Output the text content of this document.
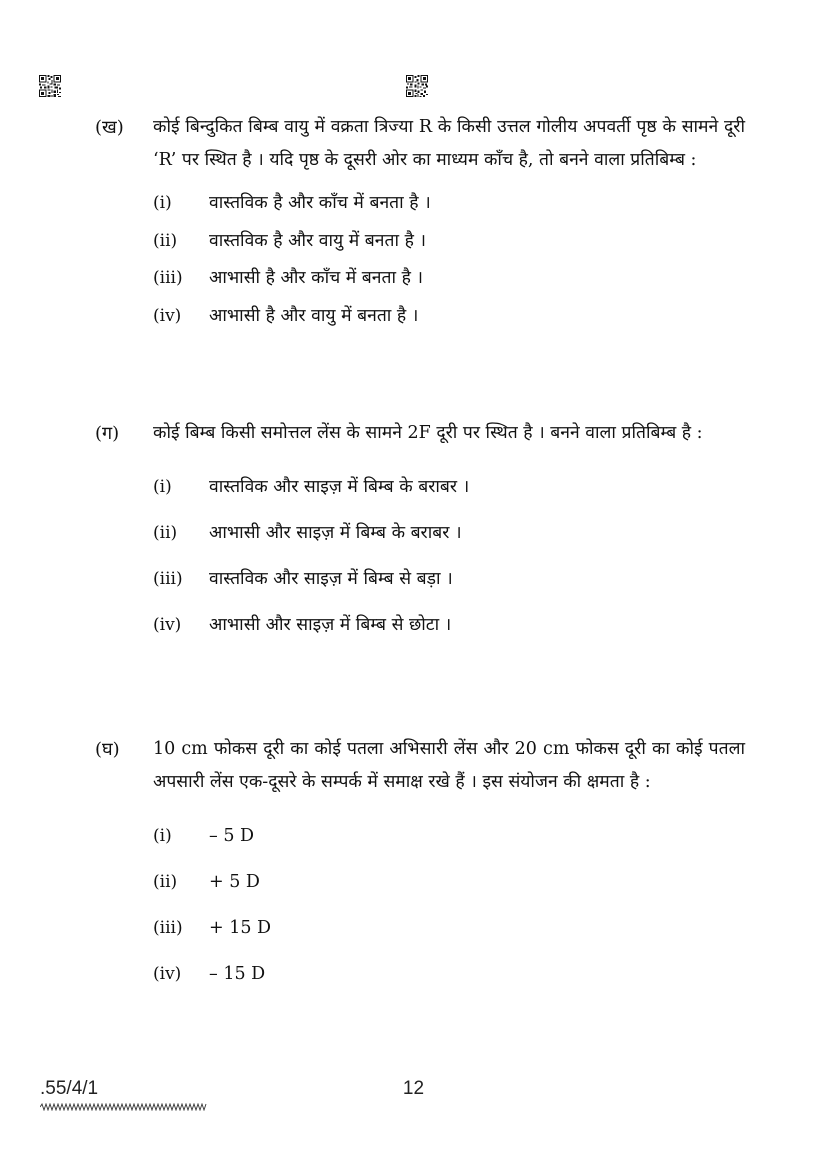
(ख) कोई बिन्दुकित बिम्ब वायु में वक्रता त्रिज्या R के किसी उत्तल गोलीय अपवर्ती पृष्ठ के सामने दूरी ‘R’ पर स्थित है । यदि पृष्ठ के दूसरी ओर का माध्यम काँच है, तो बनने वाला प्रतिबिम्ब :
(i)	वास्तविक है और काँच में बनता है ।
(ii)	वास्तविक है और वायु में बनता है ।
(iii)	आभासी है और काँच में बनता है ।
(iv)	आभासी है और वायु में बनता है ।
(ग) कोई बिम्ब किसी समोत्तल लेंस के सामने 2F दूरी पर स्थित है । बनने वाला प्रतिबिम्ब है :
(i)	वास्तविक और साइज़ में बिम्ब के बराबर ।
(ii)	आभासी और साइज़ में बिम्ब के बराबर ।
(iii)	वास्तविक और साइज़ में बिम्ब से बड़ा ।
(iv)	आभासी और साइज़ में बिम्ब से छोटा ।
(घ) 10 cm फोकस दूरी का कोई पतला अभिसारी लेंस और 20 cm फोकस दूरी का कोई पतला अपसारी लेंस एक-दूसरे के सम्पर्क में समाक्ष रखे हैं । इस संयोजन की क्षमता है :
(i)	– 5 D
(ii)	+ 5 D
(iii)	+ 15 D
(iv)	– 15 D
.55/4/1	12
